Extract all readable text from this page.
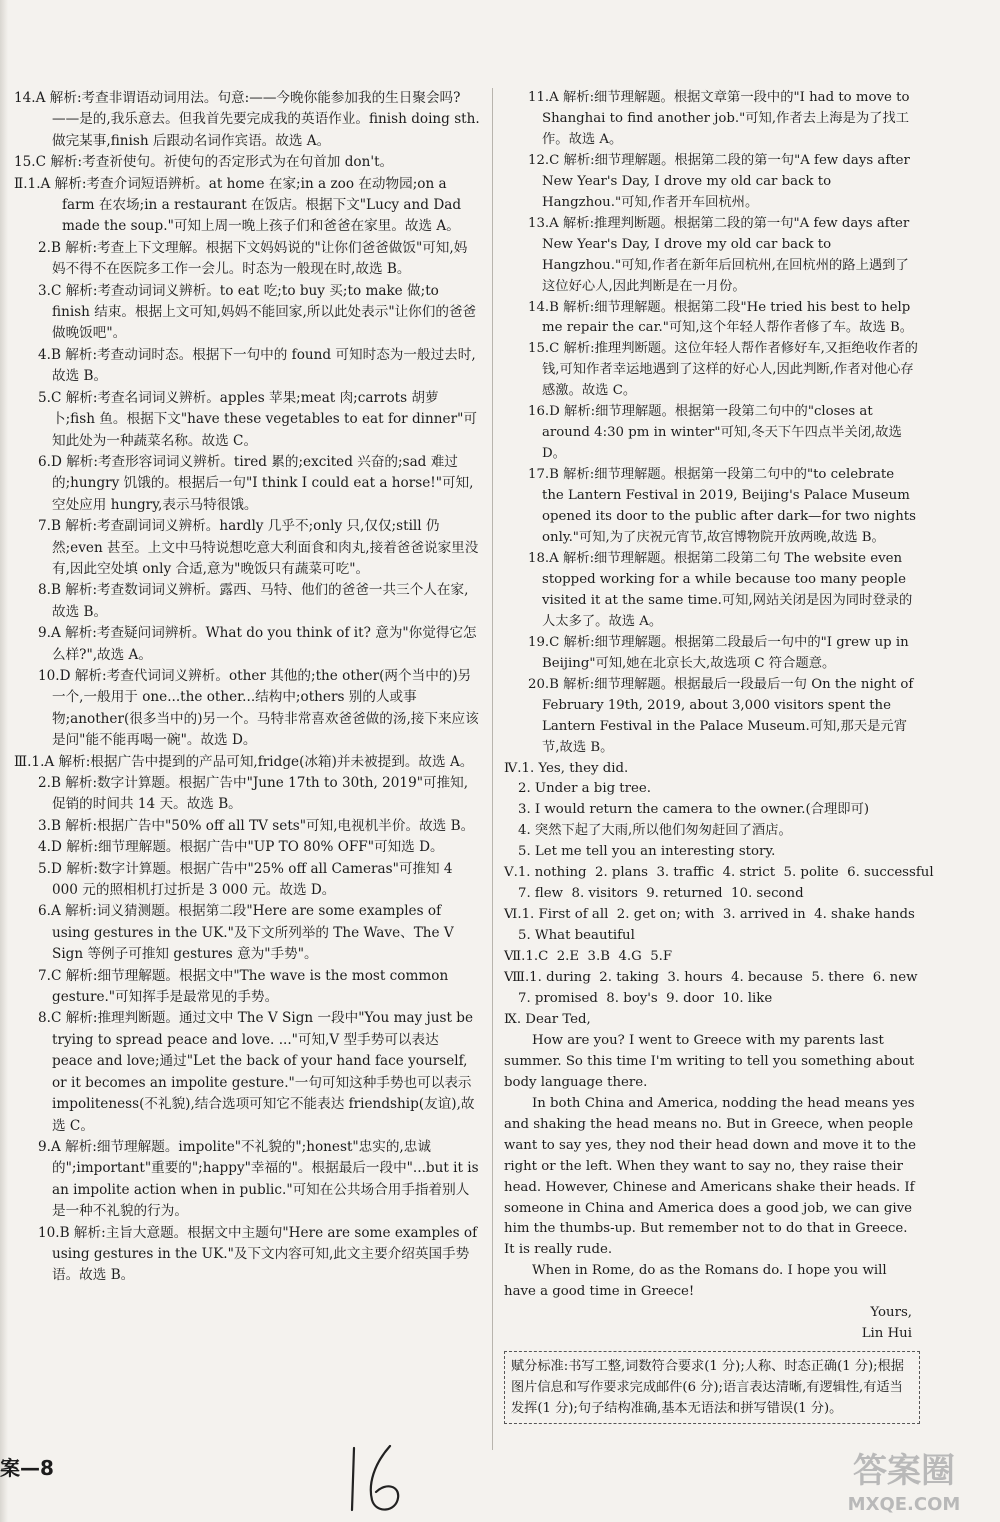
14.A 解析:考查非谓语动词用法。句意:——今晚你能参加我的生日聚会吗?——是的,我乐意去。但我首先要完成我的英语作业。finish doing sth.做完某事,finish 后跟动名词作宾语。故选 A。

15.C 解析:考查祈使句。祈使句的否定形式为在句首加 don't。

Ⅱ.1.A 解析:考查介词短语辨析。at home 在家;in a zoo 在动物园;on a farm 在农场;in a restaurant 在饭店。根据下文"Lucy and Dad made the soup."可知上周一晚上孩子们和爸爸在家里。故选 A。

2.B 解析:考查上下文理解。根据下文妈妈说的"让你们爸爸做饭"可知,妈妈不得不在医院多工作一会儿。时态为一般现在时,故选 B。

3.C 解析:考查动词词义辨析。to eat 吃;to buy 买;to make 做;to finish 结束。根据上文可知,妈妈不能回家,所以此处表示"让你们的爸爸做晚饭吧"。

4.B 解析:考查动词时态。根据下一句中的 found 可知时态为一般过去时,故选 B。

5.C 解析:考查名词词义辨析。apples 苹果;meat 肉;carrots 胡萝卜;fish 鱼。根据下文"have these vegetables to eat for dinner"可知此处为一种蔬菜名称。故选 C。

6.D 解析:考查形容词词义辨析。tired 累的;excited 兴奋的;sad 难过的;hungry 饥饿的。根据后一句"I think I could eat a horse!"可知,空处应用 hungry,表示马特很饿。

7.B 解析:考查副词词义辨析。hardly 几乎不;only 只,仅仅;still 仍然;even 甚至。上文中马特说想吃意大利面食和肉丸,接着爸爸说家里没有,因此空处填 only 合适,意为"晚饭只有蔬菜可吃"。

8.B 解析:考查数词词义辨析。露西、马特、他们的爸爸一共三个人在家,故选 B。

9.A 解析:考查疑问词辨析。What do you think of it? 意为"你觉得它怎么样?",故选 A。

10.D 解析:考查代词词义辨析。other 其他的;the other(两个当中的)另一个,一般用于 one...the other...结构中;others 别的人或事物;another(很多当中的)另一个。马特非常喜欢爸爸做的汤,接下来应该是问"能不能再喝一碗"。故选 D。

Ⅲ.1.A 解析:根据广告中提到的产品可知,fridge(冰箱)并未被提到。故选 A。

2.B 解析:数字计算题。根据广告中"June 17th to 30th, 2019"可推知,促销的时间共 14 天。故选 B。

3.B 解析:根据广告中"50% off all TV sets"可知,电视机半价。故选 B。

4.D 解析:细节理解题。根据广告中"UP TO 80% OFF"可知选 D。

5.D 解析:数字计算题。根据广告中"25% off all Cameras"可推知 4 000 元的照相机打过折是 3 000 元。故选 D。

6.A 解析:词义猜测题。根据第二段"Here are some examples of using gestures in the UK."及下文所列举的 The Wave、The V Sign 等例子可推知 gestures 意为"手势"。

7.C 解析:细节理解题。根据文中"The wave is the most common gesture."可知挥手是最常见的手势。

8.C 解析:推理判断题。通过文中 The V Sign 一段中"You may just be trying to spread peace and love. ..."可知,V 型手势可以表达 peace and love;通过"Let the back of your hand face yourself, or it becomes an impolite gesture."一句可知这种手势也可以表示 impoliteness(不礼貌),结合选项可知它不能表达 friendship(友谊),故选 C。

9.A 解析:细节理解题。impolite"不礼貌的";honest"忠实的,忠诚的";important"重要的";happy"幸福的"。根据最后一段中"...but it is an impolite action when in public."可知在公共场合用手指着别人是一种不礼貌的行为。

10.B 解析:主旨大意题。根据文中主题句"Here are some examples of using gestures in the UK."及下文内容可知,此文主要介绍英国手势语。故选 B。

11.A 解析:细节理解题。根据文章第一段中的"I had to move to Shanghai to find another job."可知,作者去上海是为了找工作。故选 A。

12.C 解析:细节理解题。根据第二段的第一句"A few days after New Year's Day, I drove my old car back to Hangzhou."可知,作者开车回杭州。

13.A 解析:推理判断题。根据第二段的第一句"A few days after New Year's Day, I drove my old car back to Hangzhou."可知,作者在新年后回杭州,在回杭州的路上遇到了这位好心人,因此判断是在一月份。

14.B 解析:细节理解题。根据第二段"He tried his best to help me repair the car."可知,这个年轻人帮作者修了车。故选 B。

15.C 解析:推理判断题。这位年轻人帮作者修好车,又拒绝收作者的钱,可知作者幸运地遇到了这样的好心人,因此判断,作者对他心存感激。故选 C。

16.D 解析:细节理解题。根据第一段第二句中的"closes at around 4:30 pm in winter"可知,冬天下午四点半关闭,故选 D。

17.B 解析:细节理解题。根据第一段第二句中的"to celebrate the Lantern Festival in 2019, Beijing's Palace Museum opened its door to the public after dark—for two nights only."可知,为了庆祝元宵节,故宫博物院开放两晚,故选 B。

18.A 解析:细节理解题。根据第二段第二句 The website even stopped working for a while because too many people visited it at the same time.可知,网站关闭是因为同时登录的人太多了。故选 A。

19.C 解析:细节理解题。根据第二段最后一句中的"I grew up in Beijing"可知,她在北京长大,故选项 C 符合题意。

20.B 解析:细节理解题。根据最后一段最后一句 On the night of February 19th, 2019, about 3,000 visitors spent the Lantern Festival in the Palace Museum.可知,那天是元宵节,故选 B。

Ⅳ.1. Yes, they did.

2. Under a big tree.

3. I would return the camera to the owner.(合理即可)

4. 突然下起了大雨,所以他们匆匆赶回了酒店。

5. Let me tell you an interesting story.

Ⅴ.1. nothing  2. plans  3. traffic  4. strict  5. polite  6. successful

7. flew  8. visitors  9. returned  10. second

Ⅵ.1. First of all  2. get on; with  3. arrived in  4. shake hands

5. What beautiful

Ⅶ.1.C  2.E  3.B  4.G  5.F

Ⅷ.1. during  2. taking  3. hours  4. because  5. there  6. new

7. promised  8. boy's  9. door  10. like

Ⅸ. Dear Ted,

How are you? I went to Greece with my parents last summer. So this time I'm writing to tell you something about body language there.

In both China and America, nodding the head means yes and shaking the head means no. But in Greece, when people want to say yes, they nod their head down and move it to the right or the left. When they want to say no, they raise their head. However, Chinese and Americans shake their heads. If someone in China and America does a good job, we can give him the thumbs-up. But remember not to do that in Greece. It is really rude.

When in Rome, do as the Romans do. I hope you will have a good time in Greece!

Yours,

Lin Hui

赋分标准:书写工整,词数符合要求(1 分);人称、时态正确(1 分);根据图片信息和写作要求完成邮件(6 分);语言表达清晰,有逻辑性,有适当发挥(1 分);句子结构准确,基本无语法和拼写错误(1 分)。
案—8	答案圈
MXQE.COM
